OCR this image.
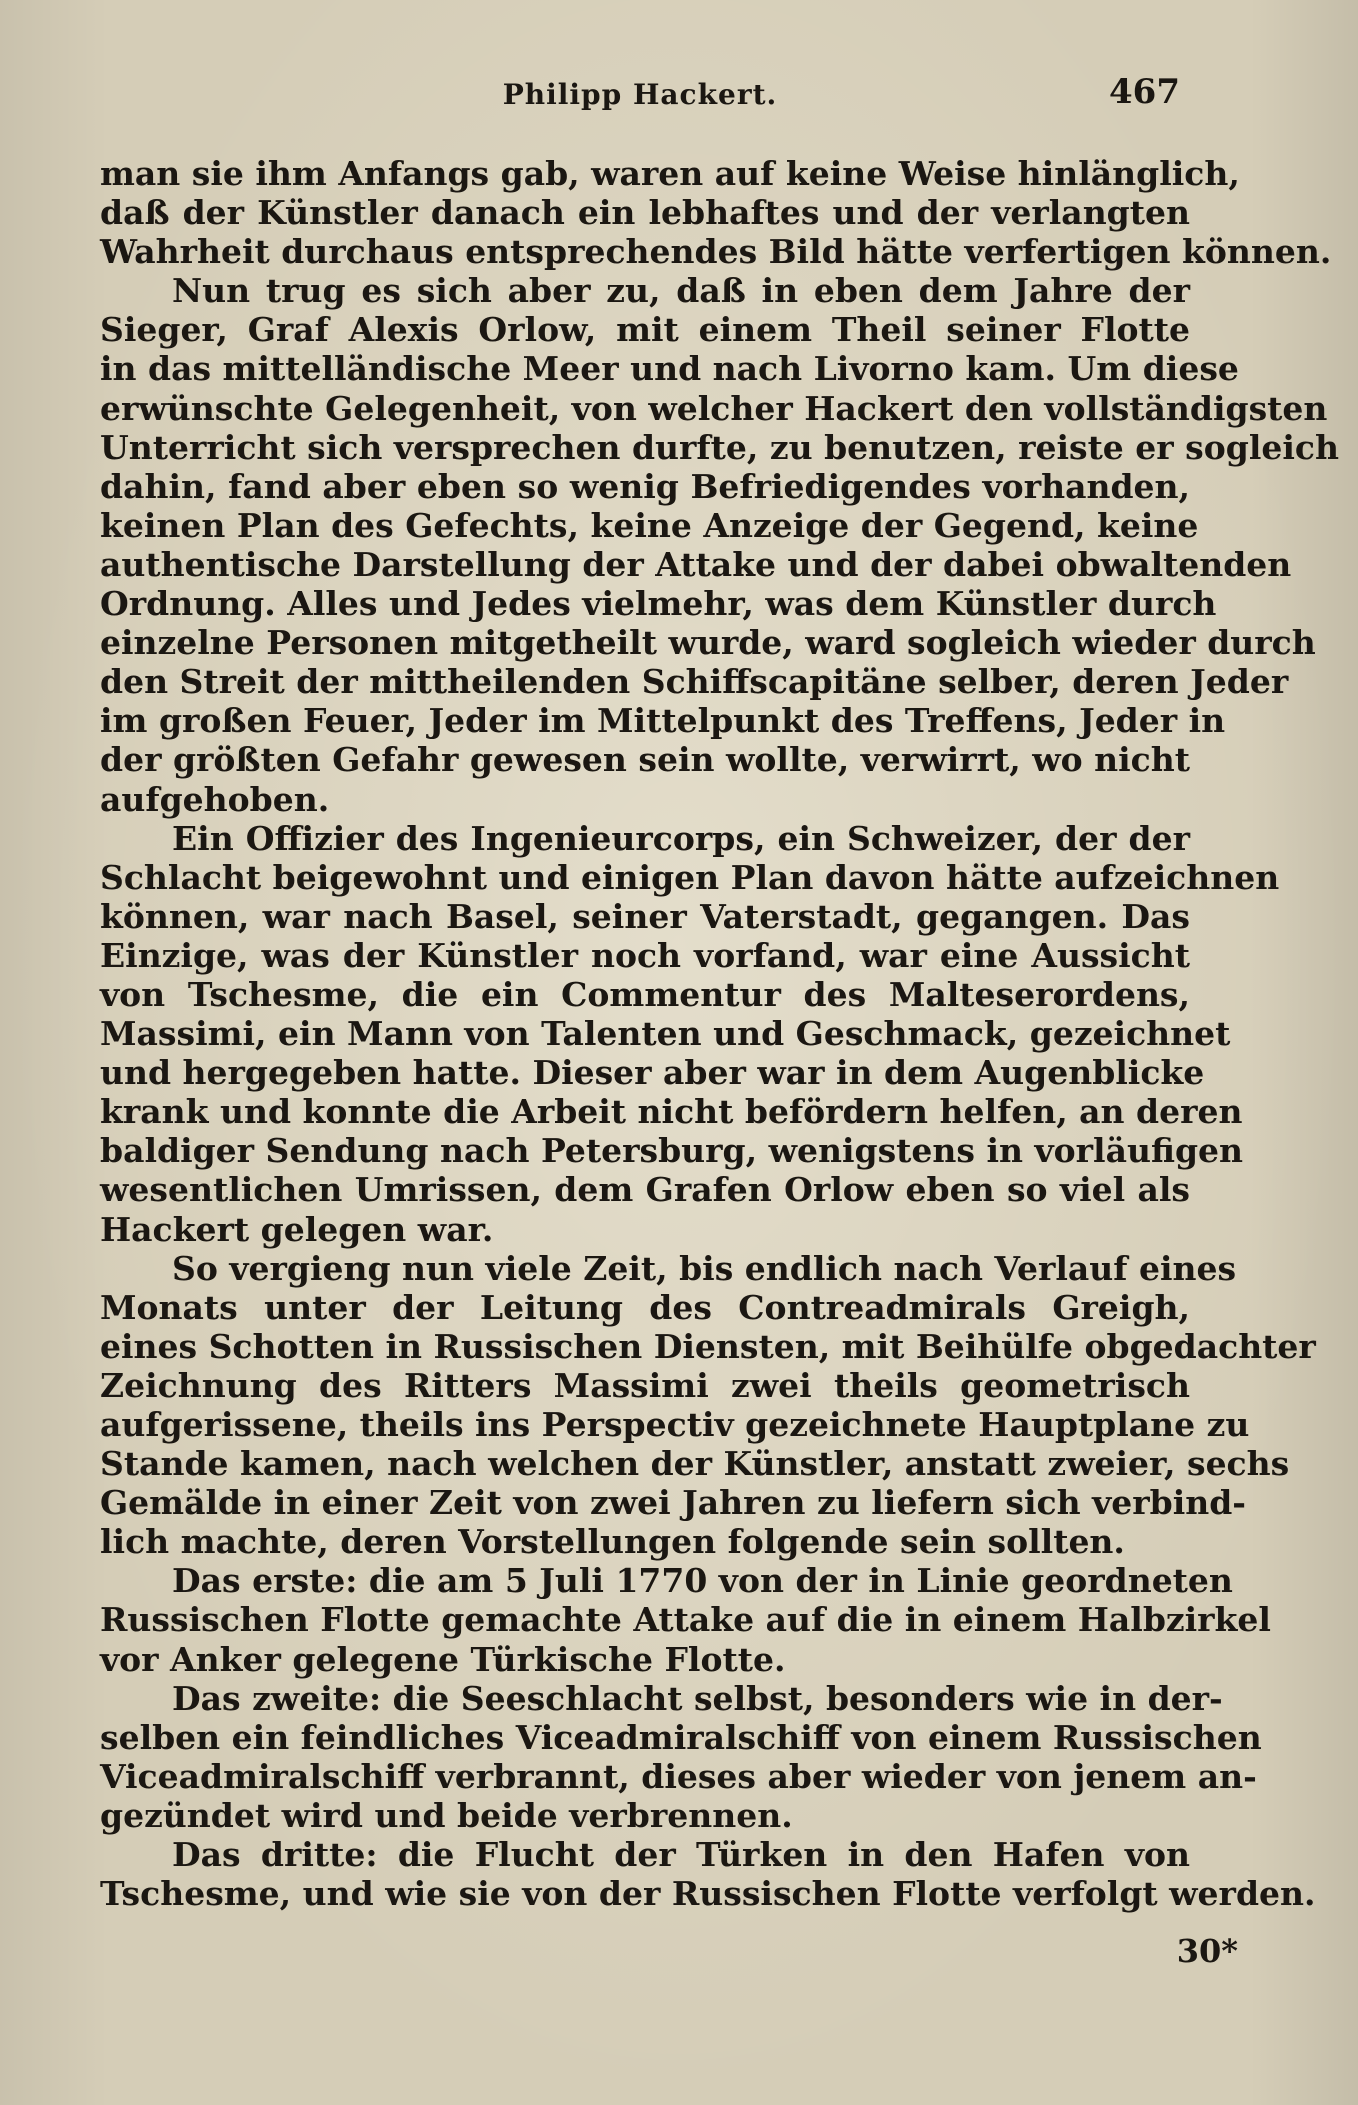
Philipp Hackert.	467
man sie ihm Anfangs gab, waren auf keine Weise hinlänglich,
daß der Künstler danach ein lebhaftes und der verlangten
Wahrheit durchaus entsprechendes Bild hätte verfertigen können.
Nun trug es sich aber zu, daß in eben dem Jahre der
Sieger, Graf Alexis Orlow, mit einem Theil seiner Flotte
in das mittelländische Meer und nach Livorno kam. Um diese
erwünschte Gelegenheit, von welcher Hackert den vollständigsten
Unterricht sich versprechen durfte, zu benutzen, reiste er sogleich
dahin, fand aber eben so wenig Befriedigendes vorhanden,
keinen Plan des Gefechts, keine Anzeige der Gegend, keine
authentische Darstellung der Attake und der dabei obwaltenden
Ordnung. Alles und Jedes vielmehr, was dem Künstler durch
einzelne Personen mitgetheilt wurde, ward sogleich wieder durch
den Streit der mittheilenden Schiffscapitäne selber, deren Jeder
im großen Feuer, Jeder im Mittelpunkt des Treffens, Jeder in
der größten Gefahr gewesen sein wollte, verwirrt, wo nicht
aufgehoben.
Ein Offizier des Ingenieurcorps, ein Schweizer, der der
Schlacht beigewohnt und einigen Plan davon hätte aufzeichnen
können, war nach Basel, seiner Vaterstadt, gegangen. Das
Einzige, was der Künstler noch vorfand, war eine Aussicht
von Tschesme, die ein Commentur des Malteserordens,
Massimi, ein Mann von Talenten und Geschmack, gezeichnet
und hergegeben hatte. Dieser aber war in dem Augenblicke
krank und konnte die Arbeit nicht befördern helfen, an deren
baldiger Sendung nach Petersburg, wenigstens in vorläufigen
wesentlichen Umrissen, dem Grafen Orlow eben so viel als
Hackert gelegen war.
So vergieng nun viele Zeit, bis endlich nach Verlauf eines
Monats unter der Leitung des Contreadmirals Greigh,
eines Schotten in Russischen Diensten, mit Beihülfe obgedachter
Zeichnung des Ritters Massimi zwei theils geometrisch
aufgerissene, theils ins Perspectiv gezeichnete Hauptplane zu
Stande kamen, nach welchen der Künstler, anstatt zweier, sechs
Gemälde in einer Zeit von zwei Jahren zu liefern sich verbind-
lich machte, deren Vorstellungen folgende sein sollten.
Das erste: die am 5 Juli 1770 von der in Linie geordneten
Russischen Flotte gemachte Attake auf die in einem Halbzirkel
vor Anker gelegene Türkische Flotte.
Das zweite: die Seeschlacht selbst, besonders wie in der-
selben ein feindliches Viceadmiralschiff von einem Russischen
Viceadmiralschiff verbrannt, dieses aber wieder von jenem an-
gezündet wird und beide verbrennen.
Das dritte: die Flucht der Türken in den Hafen von
Tschesme, und wie sie von der Russischen Flotte verfolgt werden.
30*
